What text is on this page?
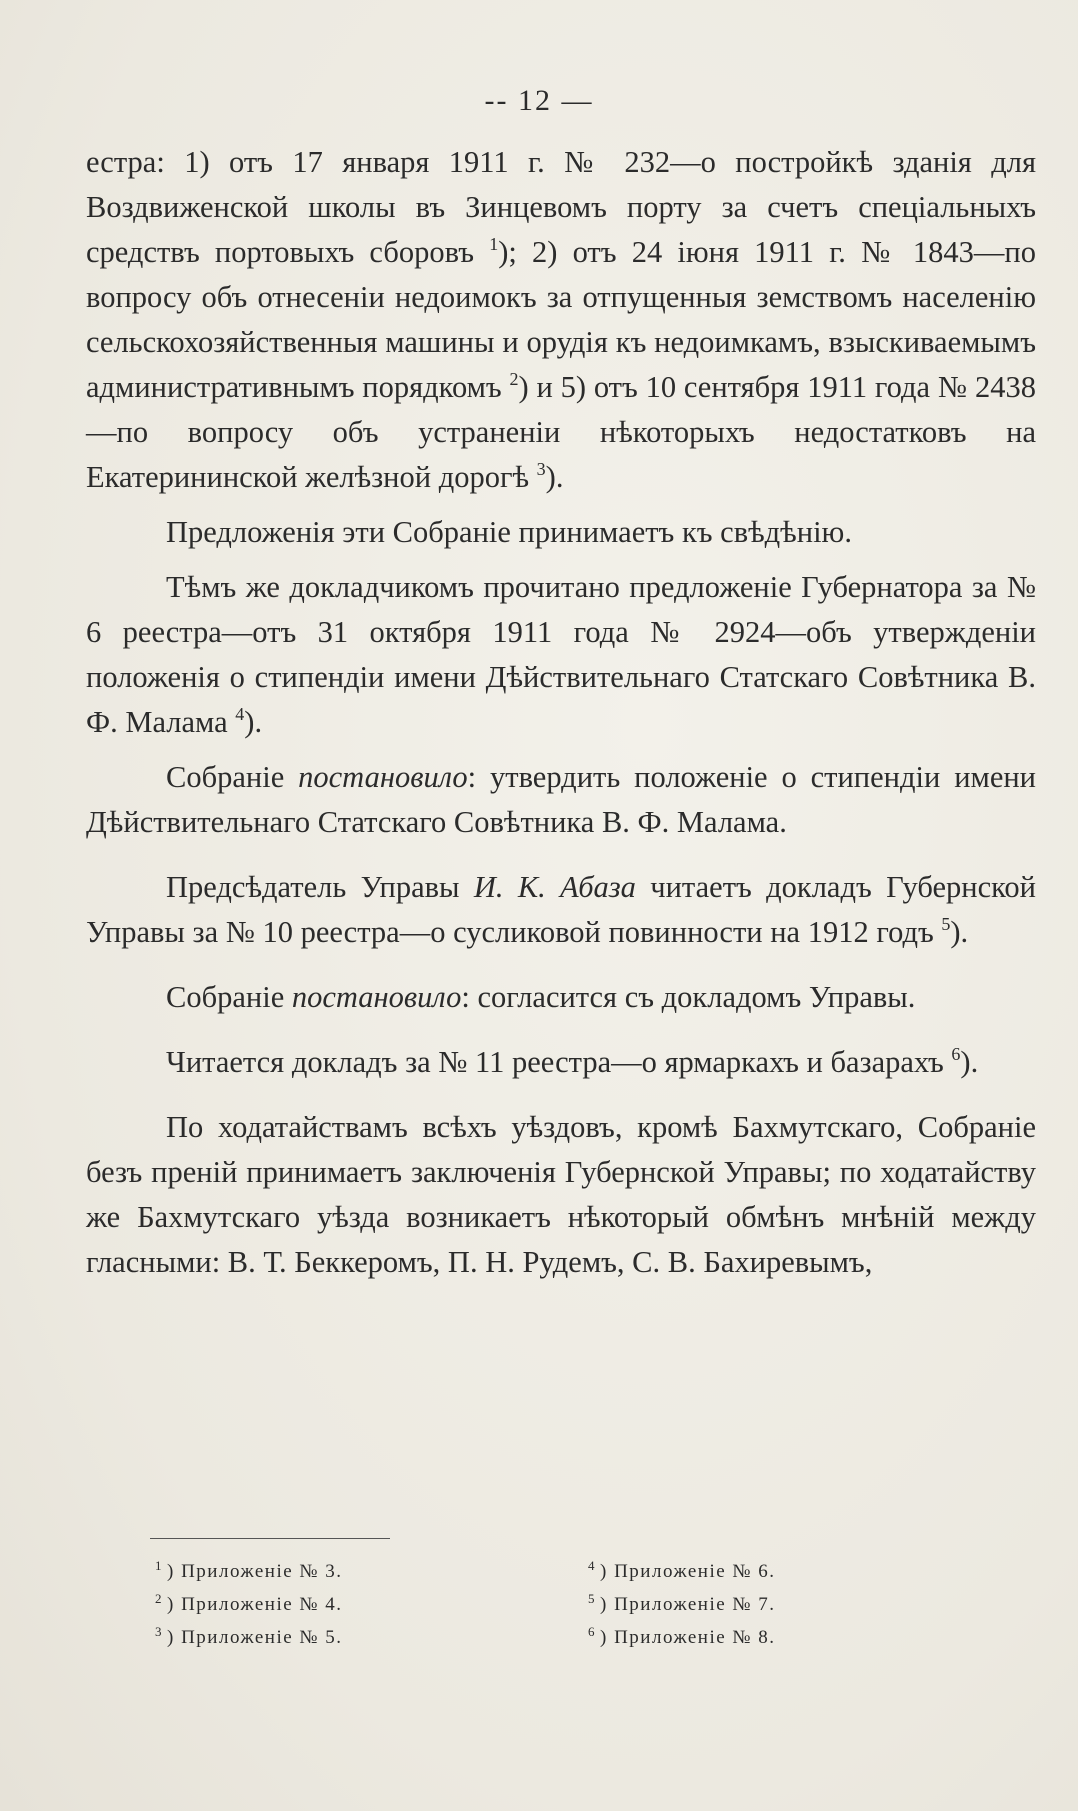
-- 12 —

естра: 1) отъ 17 января 1911 г. № 232—о постройкѣ зданія для Воздвиженской школы въ Зинцевомъ порту за счетъ спеціальныхъ средствъ портовыхъ сборовъ $^1$); 2) отъ 24 іюня 1911 г. № 1843—по вопросу объ отнесеніи недоимокъ за отпущенныя земствомъ населенію сельскохозяйственныя машины и орудія къ недоимкамъ, взыскиваемымъ административнымъ порядкомъ $^2$) и 5) отъ 10 сентября 1911 года № 2438—по вопросу объ устраненіи нѣкоторыхъ недостатковъ на Екатерининской желѣзной дорогѣ $^3$).

Предложенія эти Собраніе принимаетъ къ свѣдѣнію.

Тѣмъ же докладчикомъ прочитано предложеніе Губернатора за № 6 реестра—отъ 31 октября 1911 года № 2924—объ утвержденіи положенія о стипендіи имени Дѣйствительнаго Статскаго Совѣтника В. Ф. Малама $^4$).

Собраніе постановило: утвердить положеніе о стипендіи имени Дѣйствительнаго Статскаго Совѣтника В. Ф. Малама.

Предсѣдатель Управы И. К. Абаза читаетъ докладъ Губернской Управы за № 10 реестра—о сусликовой повинности на 1912 годъ $^5$).

Собраніе постановило: согласится съ докладомъ Управы.

Читается докладъ за № 11 реестра—о ярмаркахъ и базарахъ $^6$).

По ходатайствамъ всѣхъ уѣздовъ, кромѣ Бахмутскаго, Собраніе безъ преній принимаетъ заключенія Губернской Управы; по ходатайству же Бахмутскаго уѣзда возникаетъ нѣкоторый обмѣнъ мнѣній между гласными: В. Т. Беккеромъ, П. Н. Рудемъ, С. В. Бахиревымъ,

$^1$ ) Приложеніе № 3.
$^2$ ) Приложеніе № 4.
$^3$ ) Приложеніе № 5.
$^4$ ) Приложеніе № 6.
$^5$ ) Приложеніе № 7.
$^6$ ) Приложеніе № 8.
